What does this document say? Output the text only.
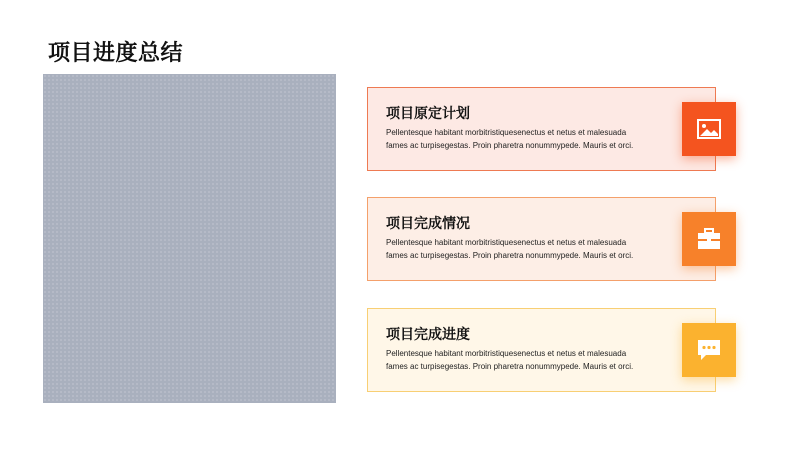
项目进度总结
项目原定计划
Pellentesque habitant morbitristiquesenectus et netus et malesuada
fames ac turpisegestas. Proin pharetra nonummypede. Mauris et orci.
项目完成情况
Pellentesque habitant morbitristiquesenectus et netus et malesuada
fames ac turpisegestas. Proin pharetra nonummypede. Mauris et orci.
项目完成进度
Pellentesque habitant morbitristiquesenectus et netus et malesuada
fames ac turpisegestas. Proin pharetra nonummypede. Mauris et orci.
